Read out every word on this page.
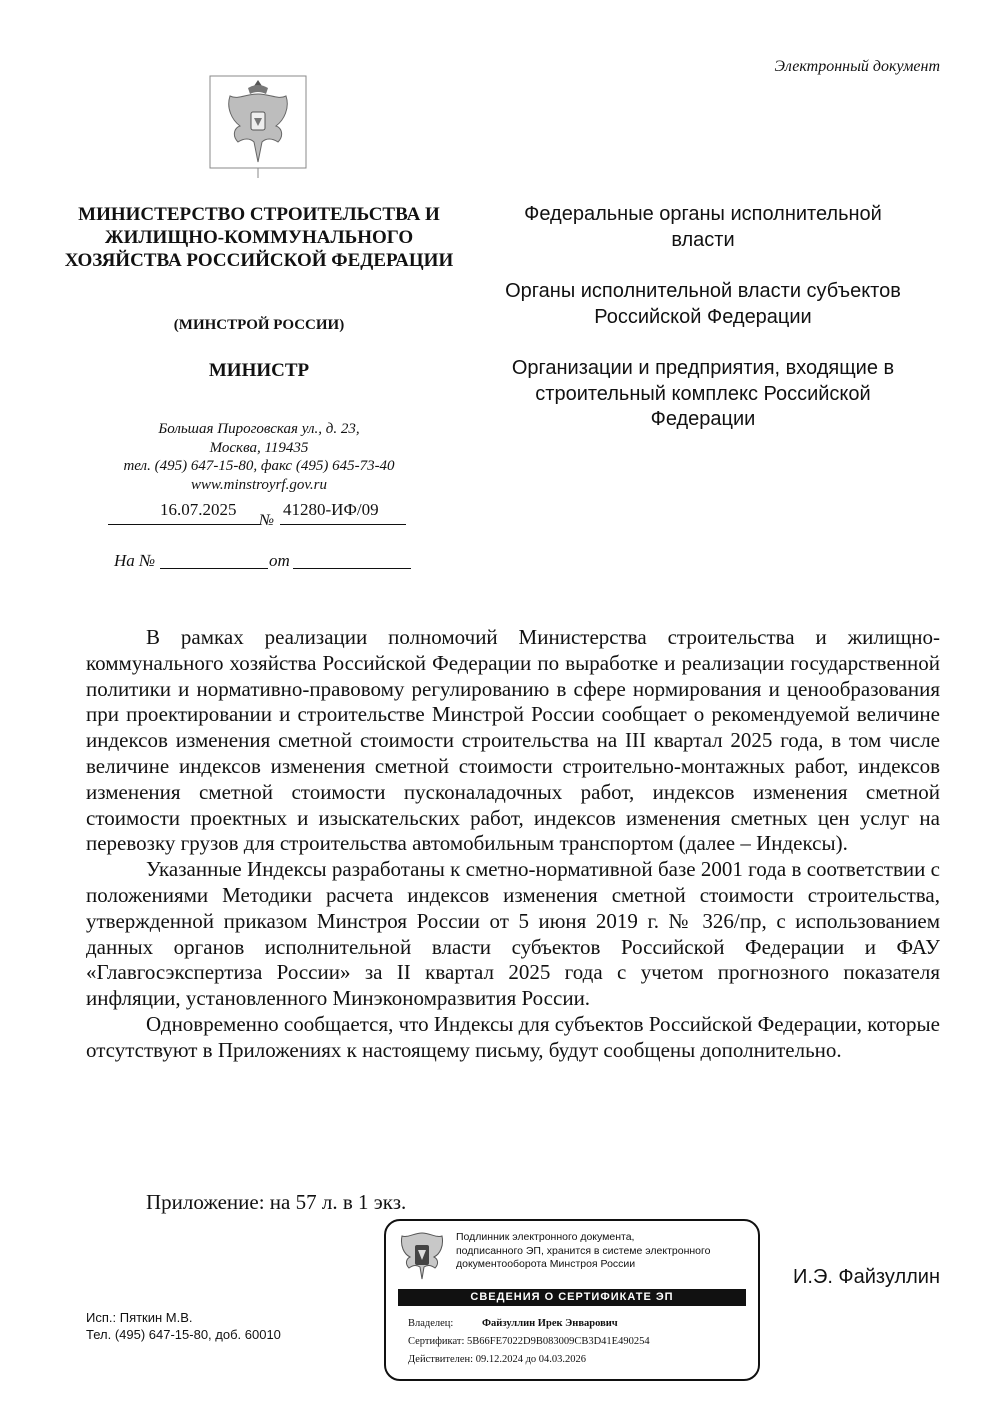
Электронный документ
МИНИСТЕРСТВО СТРОИТЕЛЬСТВА И ЖИЛИЩНО-КОММУНАЛЬНОГО ХОЗЯЙСТВА РОССИЙСКОЙ ФЕДЕРАЦИИ
(МИНСТРОЙ РОССИИ)
МИНИСТР
Большая Пироговская ул., д. 23,
Москва, 119435
тел. (495) 647-15-80, факс (495) 645-73-40
www.minstroyrf.gov.ru
16.07.2025	41280-ИФ/09
№
На №	от

Федеральные органы исполнительной власти

Органы исполнительной власти субъектов Российской Федерации

Организации и предприятия, входящие в строительный комплекс Российской Федерации

В рамках реализации полномочий Министерства строительства и жилищно-коммунального хозяйства Российской Федерации по выработке и реализации государственной политики и нормативно-правовому регулированию в сфере нормирования и ценообразования при проектировании и строительстве Минстрой России сообщает о рекомендуемой величине индексов изменения сметной стоимости строительства на III квартал 2025 года, в том числе величине индексов изменения сметной стоимости строительно-монтажных работ, индексов изменения сметной стоимости пусконаладочных работ, индексов изменения сметной стоимости проектных и изыскательских работ, индексов изменения сметных цен услуг на перевозку грузов для строительства автомобильным транспортом (далее – Индексы).

Указанные Индексы разработаны к сметно-нормативной базе 2001 года в соответствии с положениями Методики расчета индексов изменения сметной стоимости строительства, утвержденной приказом Минстроя России от 5 июня 2019 г. № 326/пр, с использованием данных органов исполнительной власти субъектов Российской Федерации и ФАУ «Главгосэкспертиза России» за II квартал 2025 года с учетом прогнозного показателя инфляции, установленного Минэкономразвития России.

Одновременно сообщается, что Индексы для субъектов Российской Федерации, которые отсутствуют в Приложениях к настоящему письму, будут сообщены дополнительно.

Приложение: на 57 л. в 1 экз.
И.Э. Файзуллин
Исп.: Пяткин М.В.
Тел. (495) 647-15-80, доб. 60010
Подлинник электронного документа,
подписанного ЭП, хранится в системе электронного
документооборота Минстроя России
СВЕДЕНИЯ О СЕРТИФИКАТЕ ЭП
Владелец:	Файзуллин Ирек Энварович
Сертификат: 5B66FE7022D9B083009CB3D41E490254
Действителен: 09.12.2024 до 04.03.2026
